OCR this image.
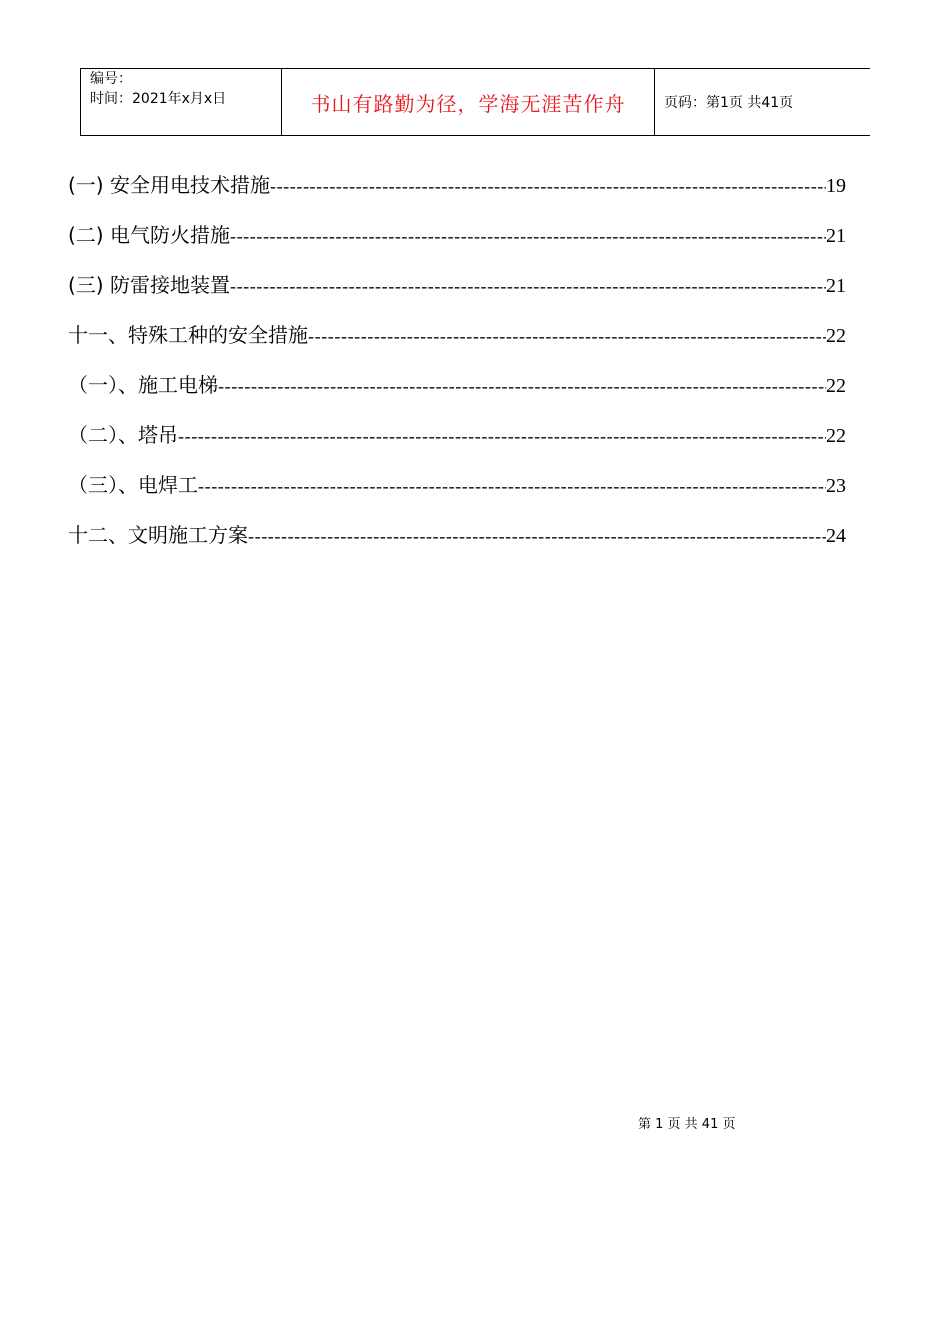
编号：
时间：2021年x月x日	书山有路勤为径，学海无涯苦作舟	页码：第1页 共41页
(一) 安全用电技术措施 -----	19
(二) 电气防火措施 -----	21
(三) 防雷接地装置 -----	21
十一、特殊工种的安全措施 -----	22
（一）、施工电梯 -----	22
（二）、塔吊 -----	22
（三）、电焊工 -----	23
十二、文明施工方案 -----	24
第 1 页 共 41 页
